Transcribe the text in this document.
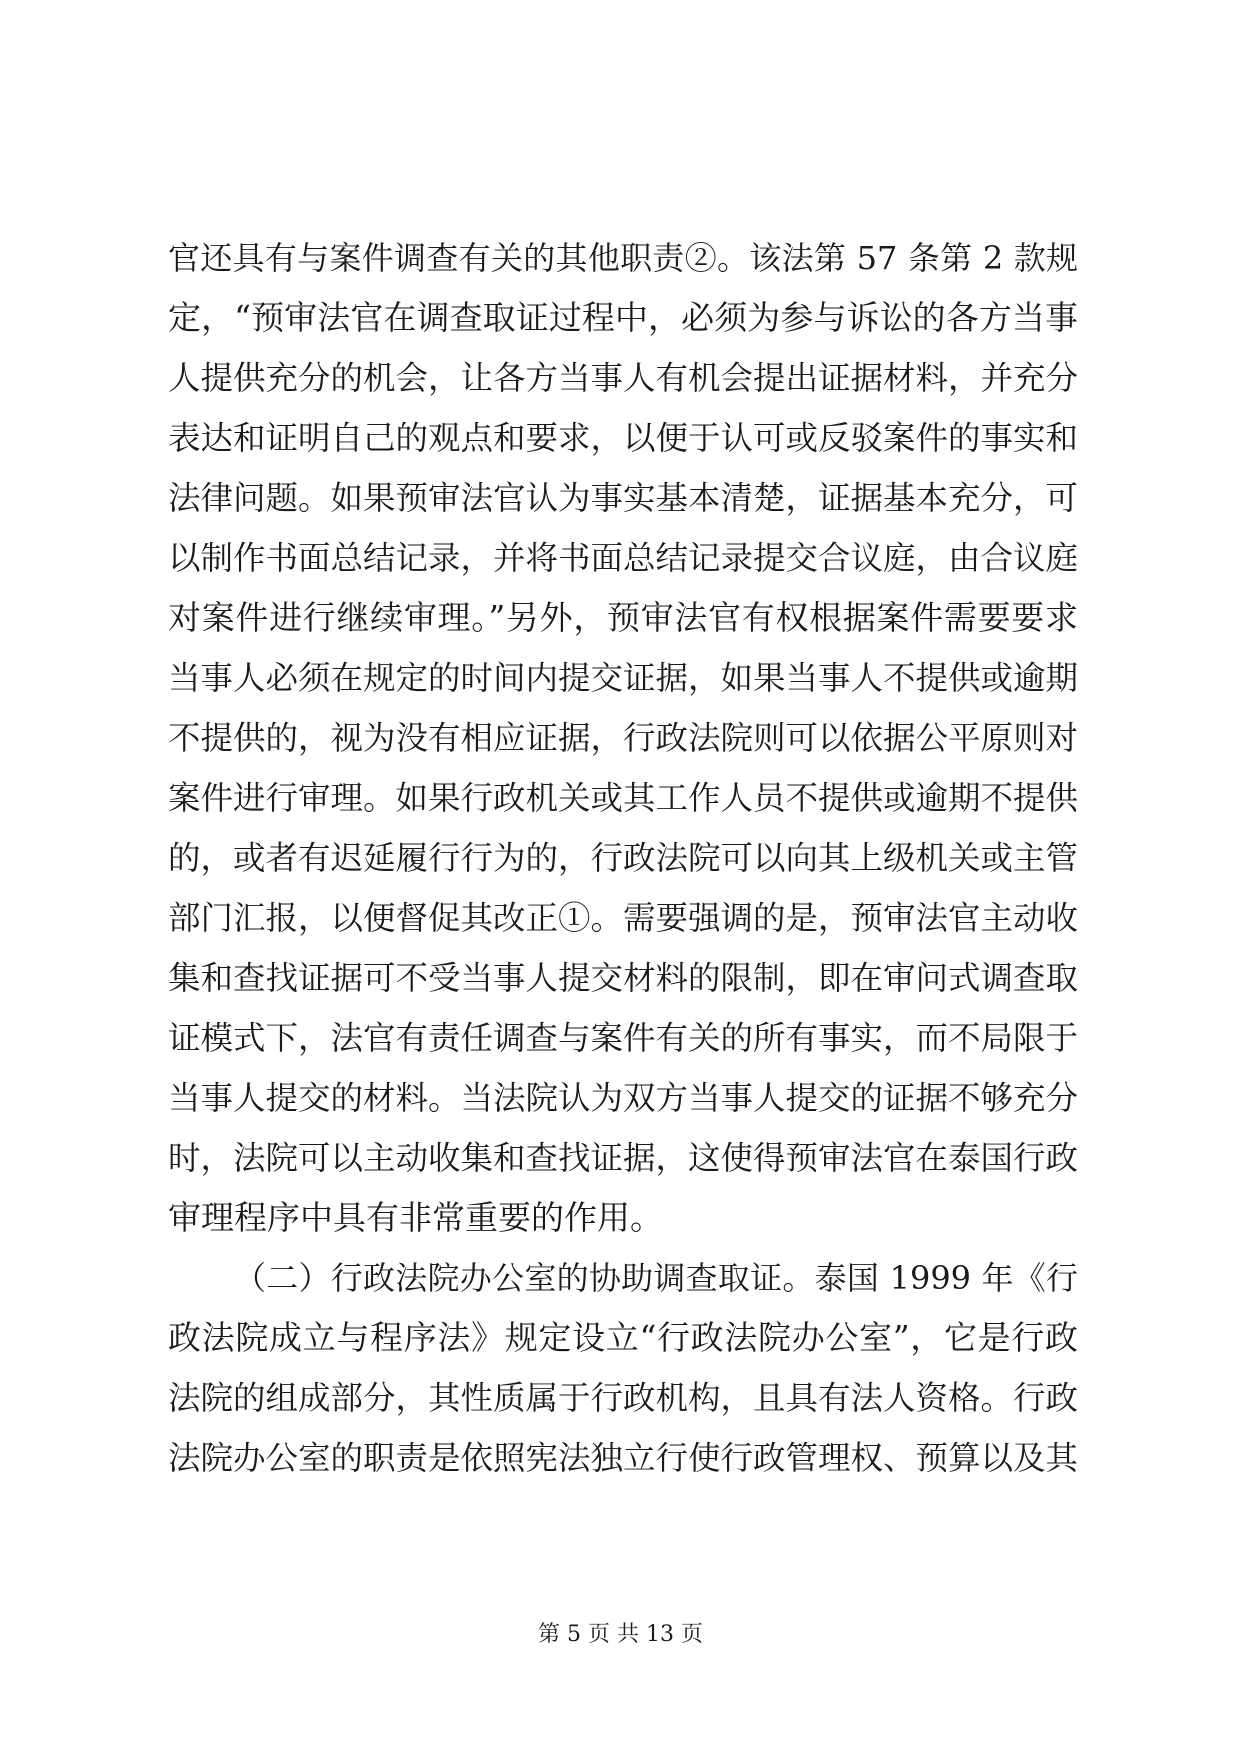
官还具有与案件调查有关的其他职责②。该法第 57 条第 2 款规
定，“预审法官在调查取证过程中，必须为参与诉讼的各方当事
人提供充分的机会，让各方当事人有机会提出证据材料，并充分
表达和证明自己的观点和要求，以便于认可或反驳案件的事实和
法律问题。如果预审法官认为事实基本清楚，证据基本充分，可
以制作书面总结记录，并将书面总结记录提交合议庭，由合议庭
对案件进行继续审理。”另外，预审法官有权根据案件需要要求
当事人必须在规定的时间内提交证据，如果当事人不提供或逾期
不提供的，视为没有相应证据，行政法院则可以依据公平原则对
案件进行审理。如果行政机关或其工作人员不提供或逾期不提供
的，或者有迟延履行行为的，行政法院可以向其上级机关或主管
部门汇报，以便督促其改正①。需要强调的是，预审法官主动收
集和查找证据可不受当事人提交材料的限制，即在审问式调查取
证模式下，法官有责任调查与案件有关的所有事实，而不局限于
当事人提交的材料。当法院认为双方当事人提交的证据不够充分
时，法院可以主动收集和查找证据，这使得预审法官在泰国行政
审理程序中具有非常重要的作用。
（二）行政法院办公室的协助调查取证。泰国 1999 年《行
政法院成立与程序法》规定设立“行政法院办公室”，它是行政
法院的组成部分，其性质属于行政机构，且具有法人资格。行政
法院办公室的职责是依照宪法独立行使行政管理权、预算以及其
第 5 页 共 13 页
